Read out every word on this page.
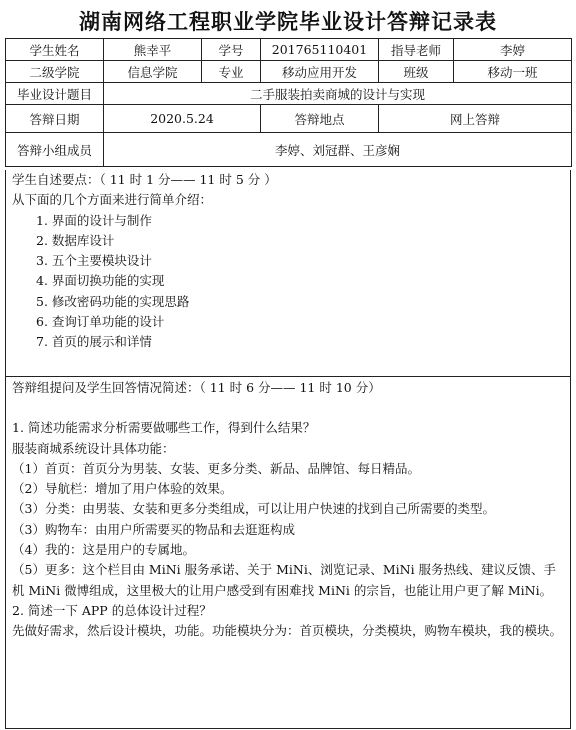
湖南网络工程职业学院毕业设计答辩记录表
学生姓名	熊幸平	学号	201765110401	指导老师	李婷
二级学院	信息学院	专业	移动应用开发	班级	移动一班
毕业设计题目	二手服装拍卖商城的设计与实现				
答辩日期	2020.5.24		答辩地点	网上答辩	
答辩小组成员	李婷、刘冠群、王彦娴				
学生自述要点：（ 11 时 1 分—— 11 时 5 分 ）
从下面的几个方面来进行简单介绍：
1. 界面的设计与制作
2. 数据库设计
3. 五个主要模块设计
4. 界面切换功能的实现
5. 修改密码功能的实现思路
6. 查询订单功能的设计
7. 首页的展示和详情
答辩组提问及学生回答情况简述：（ 11 时 6 分—— 11 时 10 分）
1. 简述功能需求分析需要做哪些工作，得到什么结果？
服装商城系统设计具体功能：
（1）首页：首页分为男装、女装、更多分类、新品、品牌馆、每日精品。
（2）导航栏：增加了用户体验的效果。
（3）分类：由男装、女装和更多分类组成，可以让用户快速的找到自己所需要的类型。
（3）购物车：由用户所需要买的物品和去逛逛构成
（4）我的：这是用户的专属地。
（5）更多：这个栏目由 MiNi 服务承诺、关于 MiNi、浏览记录、MiNi 服务热线、建议反馈、手机 MiNi 微博组成，这里极大的让用户感受到有困难找 MiNi 的宗旨，也能让用户更了解 MiNi。
2. 简述一下 APP 的总体设计过程？
先做好需求，然后设计模块，功能。功能模块分为：首页模块，分类模块，购物车模块，我的模块。
